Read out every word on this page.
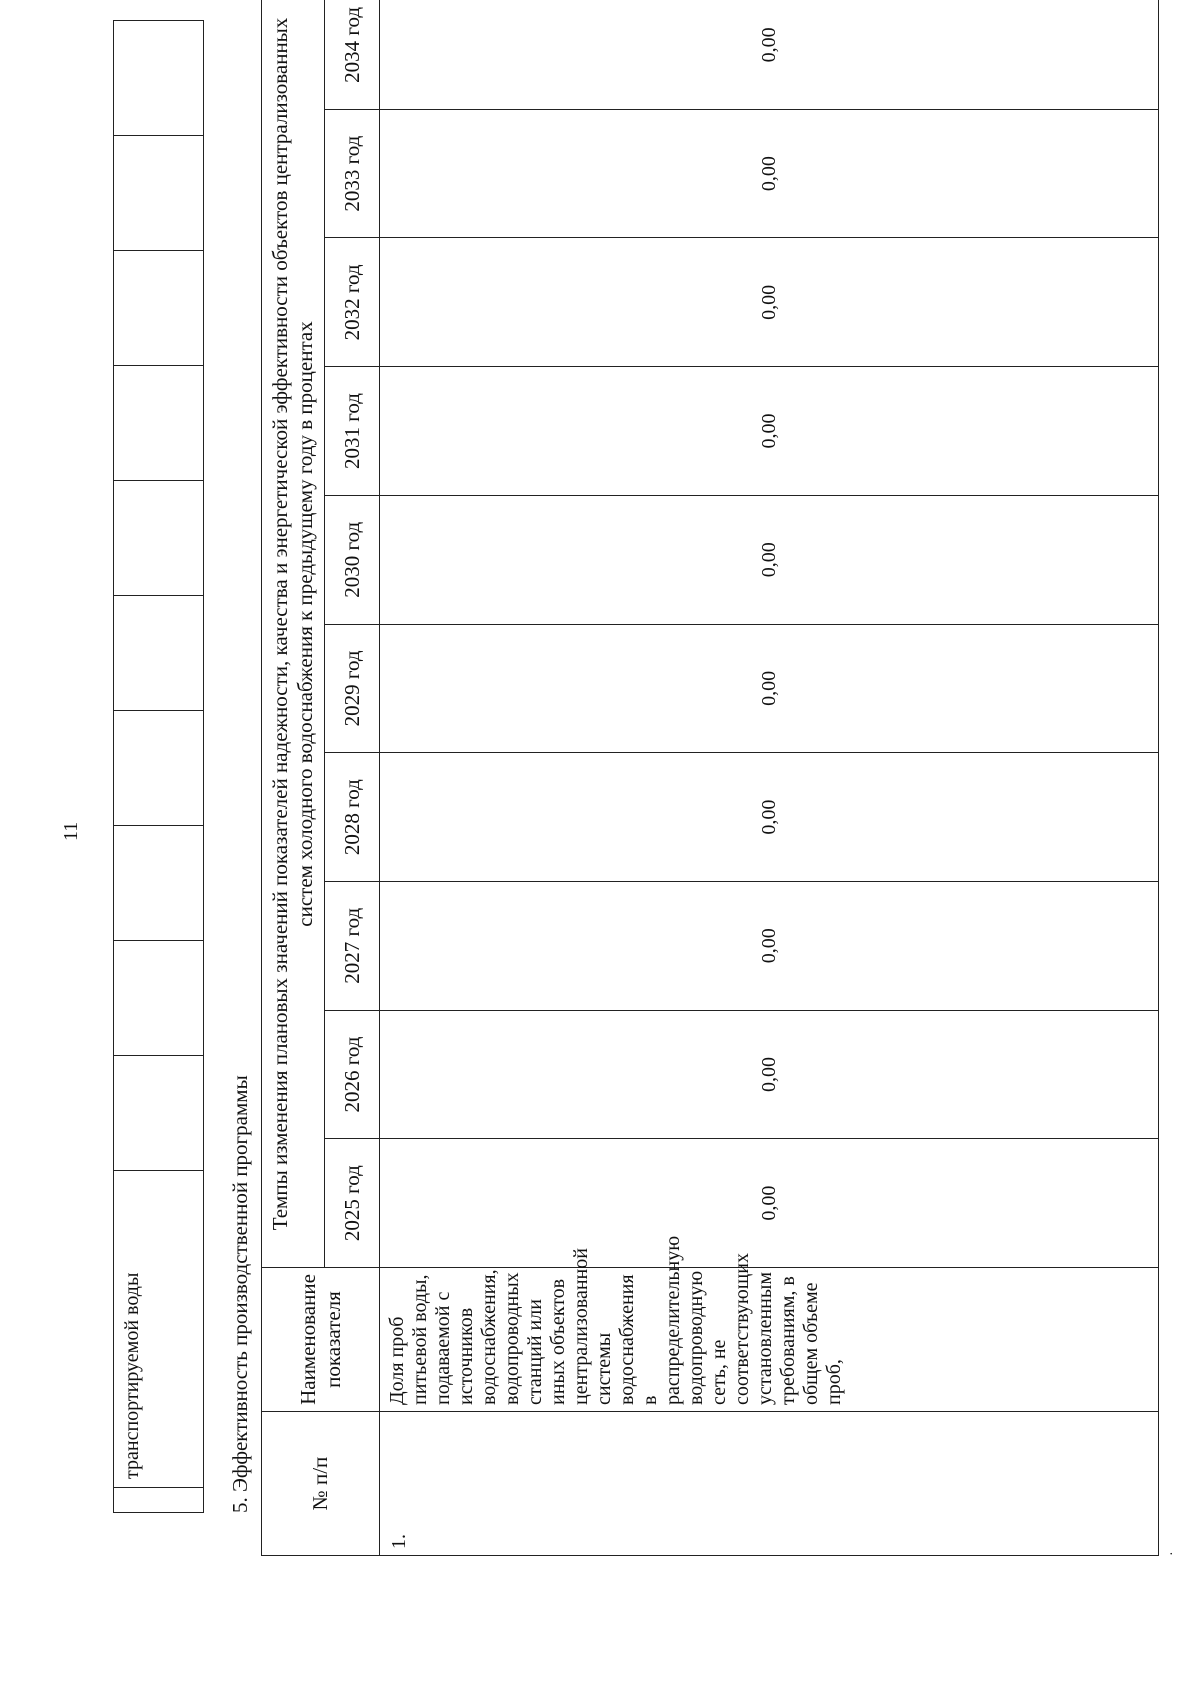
11
	транспортируемой воды											5. Эффективность производственной программы	№ п/п	Наименование показателя	Темпы изменения плановых значений показателей надежности, качества и энергетической эффективности объектов централизованных систем холодного водоснабжения к предыдущему году в процентах									
		2025 год	2026 год	2027 год	2028 год	2029 год	2030 год	2031 год	2032 год	2033 год	2034 год
1.	Доля проб питьевой воды, подаваемой с источников водоснабжения, водопроводных станций или иных объектов централизованной системы водоснабжения в распределительную водопроводную сеть, не соответствующих установленным требованиям, в общем объеме проб,	0,00	0,00	0,00	0,00	0,00	0,00	0,00	0,00	0,00	0,00
·
